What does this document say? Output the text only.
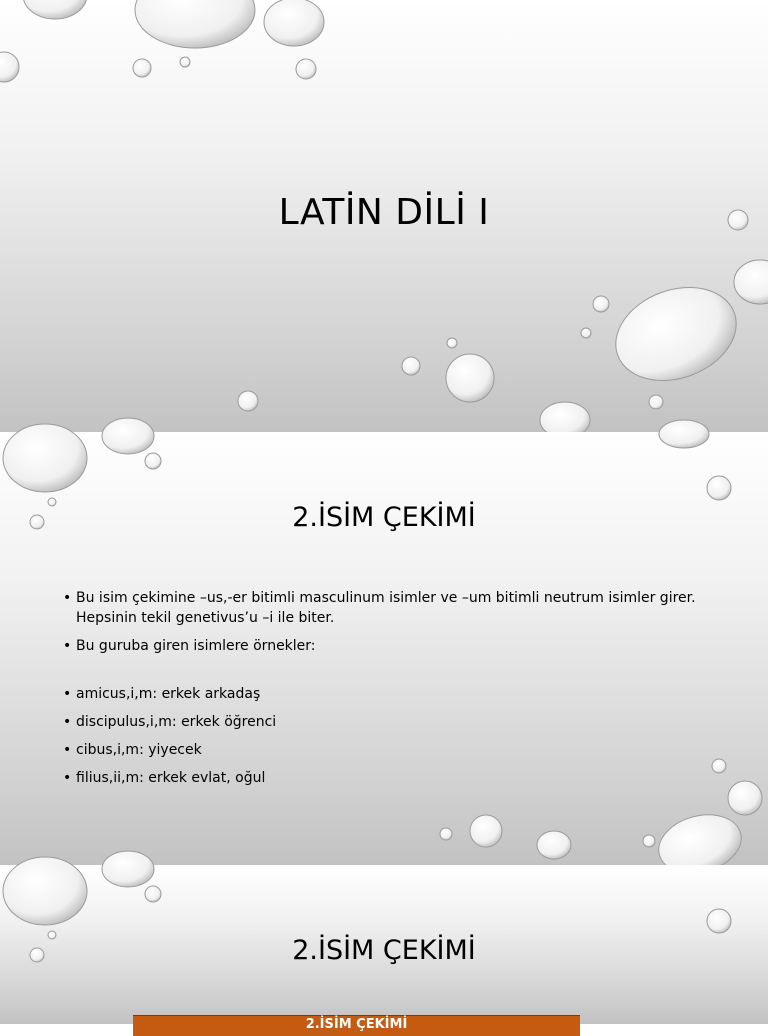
LATİN DİLİ I
2.İSİM ÇEKİMİ
• Bu isim çekimine –us,-er bitimli masculinum isimler ve –um bitimli neutrum isimler girer. Hepsinin tekil genetivus’u –i ile biter.
• Bu guruba giren isimlere örnekler:
• amicus,i,m: erkek arkadaş
• discipulus,i,m: erkek öğrenci
• cibus,i,m: yiyecek
• filius,ii,m: erkek evlat, oğul
2.İSİM ÇEKİMİ
2.İSİM ÇEKİMİ
